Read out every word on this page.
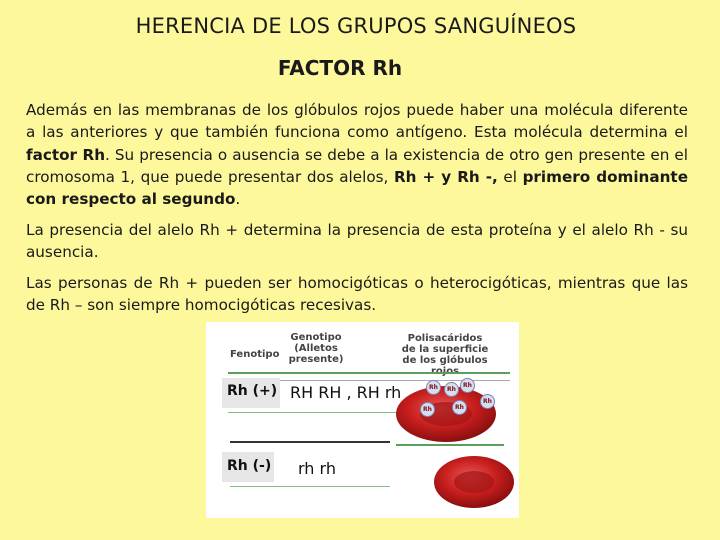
HERENCIA DE LOS GRUPOS SANGUÍNEOS
FACTOR Rh

Además en las membranas de los glóbulos rojos puede haber una molécula diferente a las anteriores y que también funciona como antígeno. Esta molécula determina el factor Rh. Su presencia o ausencia se debe a la existencia de otro gen presente en el cromosoma 1, que puede presentar dos alelos, Rh + y Rh -, el primero dominante con respecto al segundo.

La presencia del alelo Rh + determina la presencia de esta proteína y el alelo Rh - su ausencia.

Las personas de Rh + pueden ser homocigóticas o heterocigóticas, mientras que las de Rh – son siempre homocigóticas recesivas.

Fenotipo
Genotipo
(Alletos
presente)
Polisacáridos
de la superficie
de los glóbulos
Rh (+) RH RH , RH rh
Rh (-) rh rh
Rh	Rh
Rh
Rh
Rh	Rh
